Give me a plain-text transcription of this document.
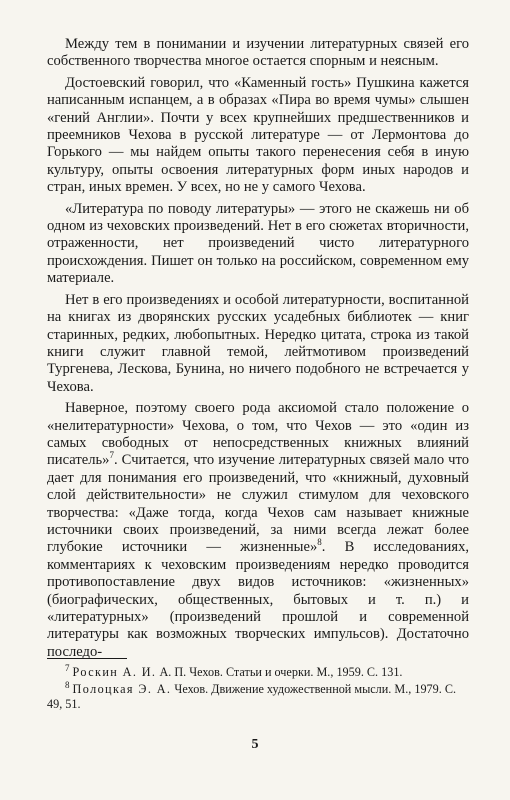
Между тем в понимании и изучении литературных связей его собственного творчества многое остается спорным и неясным.

Достоевский говорил, что «Каменный гость» Пушкина кажется написанным испанцем, а в образах «Пира во время чумы» слышен «гений Англии». Почти у всех крупнейших предшественников и преемников Чехова в русской литературе — от Лермонтова до Горького — мы найдем опыты такого перенесения себя в иную культуру, опыты освоения литературных форм иных народов и стран, иных времен. У всех, но не у самого Чехова.

«Литература по поводу литературы» — этого не скажешь ни об одном из чеховских произведений. Нет в его сюжетах вторичности, отраженности, нет произведений чисто литературного происхождения. Пишет он только на российском, современном ему материале.

Нет в его произведениях и особой литературности, воспитанной на книгах из дворянских русских усадебных библиотек — книг старинных, редких, любопытных. Нередко цитата, строка из такой книги служит главной темой, лейтмотивом произведений Тургенева, Лескова, Бунина, но ничего подобного не встречается у Чехова.

Наверное, поэтому своего рода аксиомой стало положение о «нелитературности» Чехова, о том, что Чехов — это «один из самых свободных от непосредственных книжных влияний писатель»$^7$. Считается, что изучение литературных связей мало что дает для понимания его произведений, что «книжный, духовный слой действительности» не служил стимулом для чеховского творчества: «Даже тогда, когда Чехов сам называет книжные источники своих произведений, за ними всегда лежат более глубокие источники — жизненные»$^8$. В исследованиях, комментариях к чеховским произведениям нередко проводится противопоставление двух видов источников: «жизненных» (биографических, общественных, бытовых и т. п.) и «литературных» (произведений прошлой и современной литературы как возможных творческих импульсов). Достаточно последо-

$^7$ Роскин А. И. А. П. Чехов. Статьи и очерки. М., 1959. С. 131.

$^8$ Полоцкая Э. А. Чехов. Движение художественной мысли. М., 1979. С. 49, 51.

5
